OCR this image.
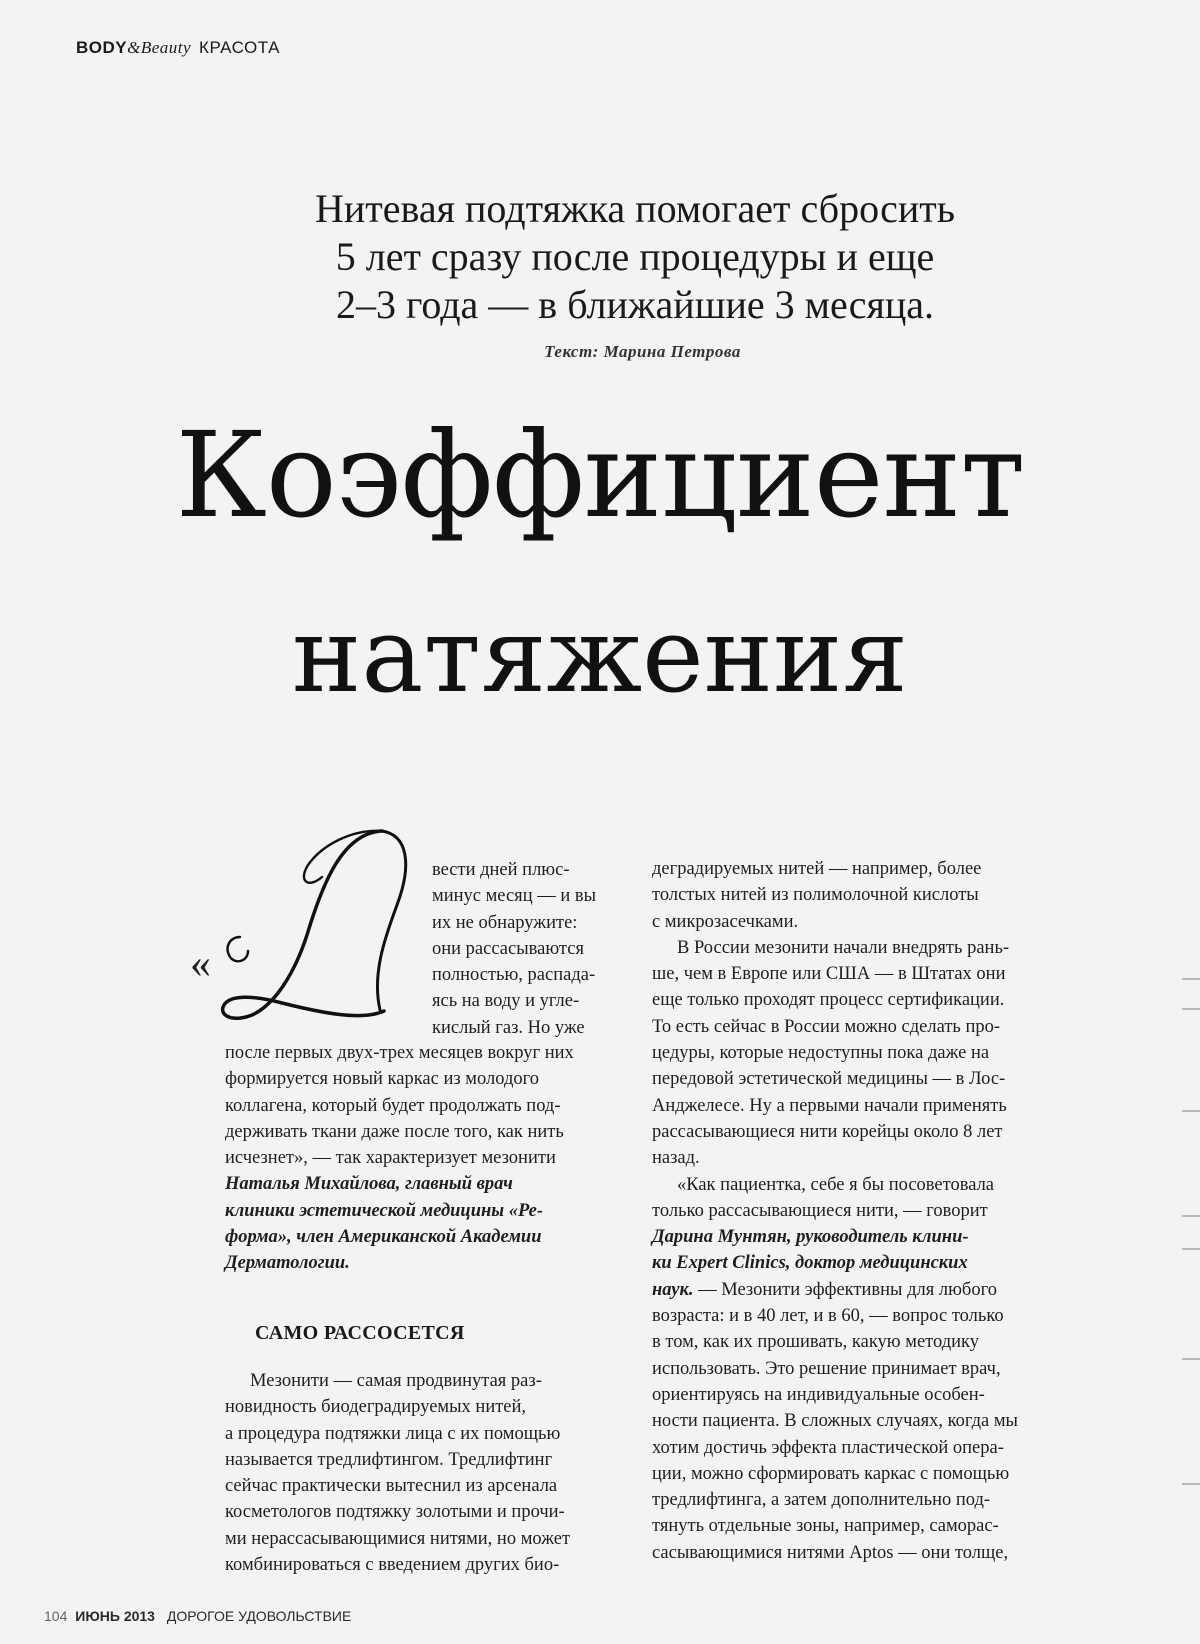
BODY&Beauty КРАСОТА
Нитевая подтяжка помогает сбросить
5 лет сразу после процедуры и еще
2–3 года — в ближайшие 3 месяца.
Текст: Марина Петрова
Коэффициент
натяжения
«
вести дней плюс-
минус месяц — и вы
их не обнаружите:
они рассасываются
полностью, распада-
ясь на воду и угле-
кислый газ. Но уже
после первых двух-трех месяцев вокруг них
формируется новый каркас из молодого
коллагена, который будет продолжать под-
держивать ткани даже после того, как нить
исчезнет», — так характеризует мезонити
Наталья Михайлова, главный врач
клиники эстетической медицины «Ре-
форма», член Американской Академии
Дерматологии.
САМО РАССОСЕТСЯ
Мезонити — самая продвинутая раз-
новидность биодеградируемых нитей,
а процедура подтяжки лица с их помощью
называется тредлифтингом. Тредлифтинг
сейчас практически вытеснил из арсенала
косметологов подтяжку золотыми и прочи-
ми нерассасывающимися нитями, но может
комбинироваться с введением других био-
деградируемых нитей — например, более
толстых нитей из полимолочной кислоты
с микрозасечками.
В России мезонити начали внедрять рань-
ше, чем в Европе или США — в Штатах они
еще только проходят процесс сертификации.
То есть сейчас в России можно сделать про-
цедуры, которые недоступны пока даже на
передовой эстетической медицины — в Лос-
Анджелесе. Ну а первыми начали применять
рассасывающиеся нити корейцы около 8 лет
назад.
«Как пациентка, себе я бы посоветовала
только рассасывающиеся нити, — говорит
Дарина Мунтян, руководитель клини-
ки Expert Clinics, доктор медицинских
наук. — Мезонити эффективны для любого
возраста: и в 40 лет, и в 60, — вопрос только
в том, как их прошивать, какую методику
использовать. Это решение принимает врач,
ориентируясь на индивидуальные особен-
ности пациента. В сложных случаях, когда мы
хотим достичь эффекта пластической опера-
ции, можно сформировать каркас с помощью
тредлифтинга, а затем дополнительно под-
тянуть отдельные зоны, например, саморас-
сасывающимися нитями Aptos — они толще,
104 ИЮНЬ 2013 ДОРОГОЕ УДОВОЛЬСТВИЕ
